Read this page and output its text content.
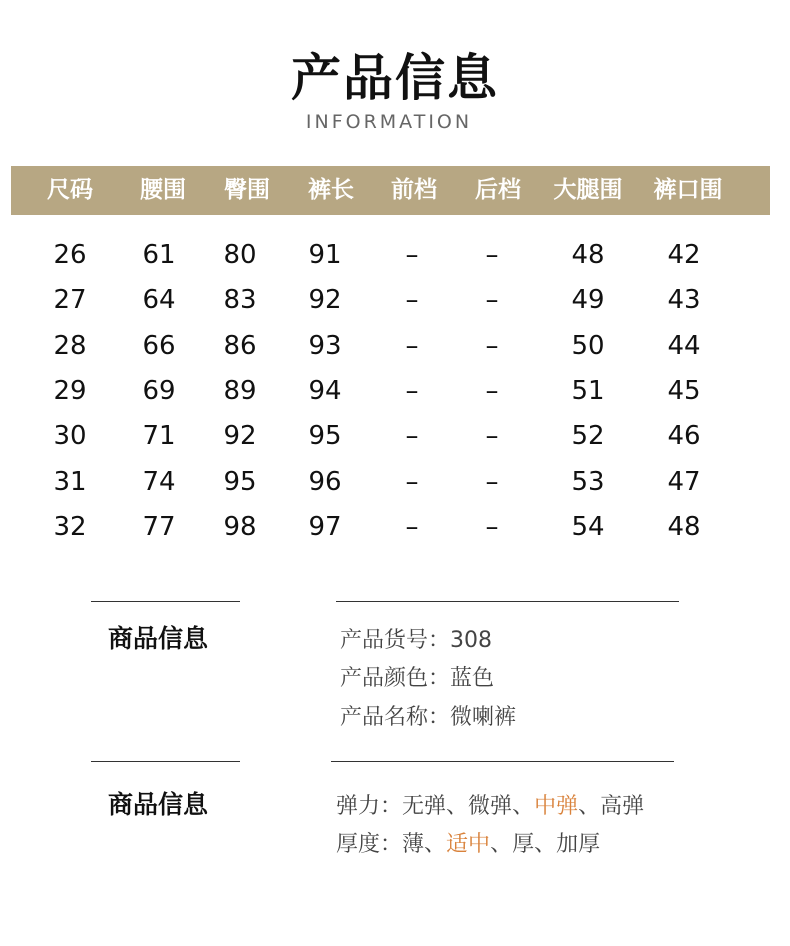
产品信息
INFORMATION
尺码 腰围 臀围 裤长 前档 后档 大腿围 裤口围
26 61 80 91 –	–	48 42
27 64 83 92 –	–	49 43
28 66 86 93 –	–	50 44
29 69 89 94 –	–	51 45
30 71 92 95 –	–	52 46
31 74 95 96 –	–	53 47
32 77 98 97 –	–	54 48
商品信息	产品货号：308
产品颜色：蓝色
产品名称：微喇裤
商品信息	弹力：无弹、微弹、中弹、高弹
厚度：薄、适中、厚、加厚
